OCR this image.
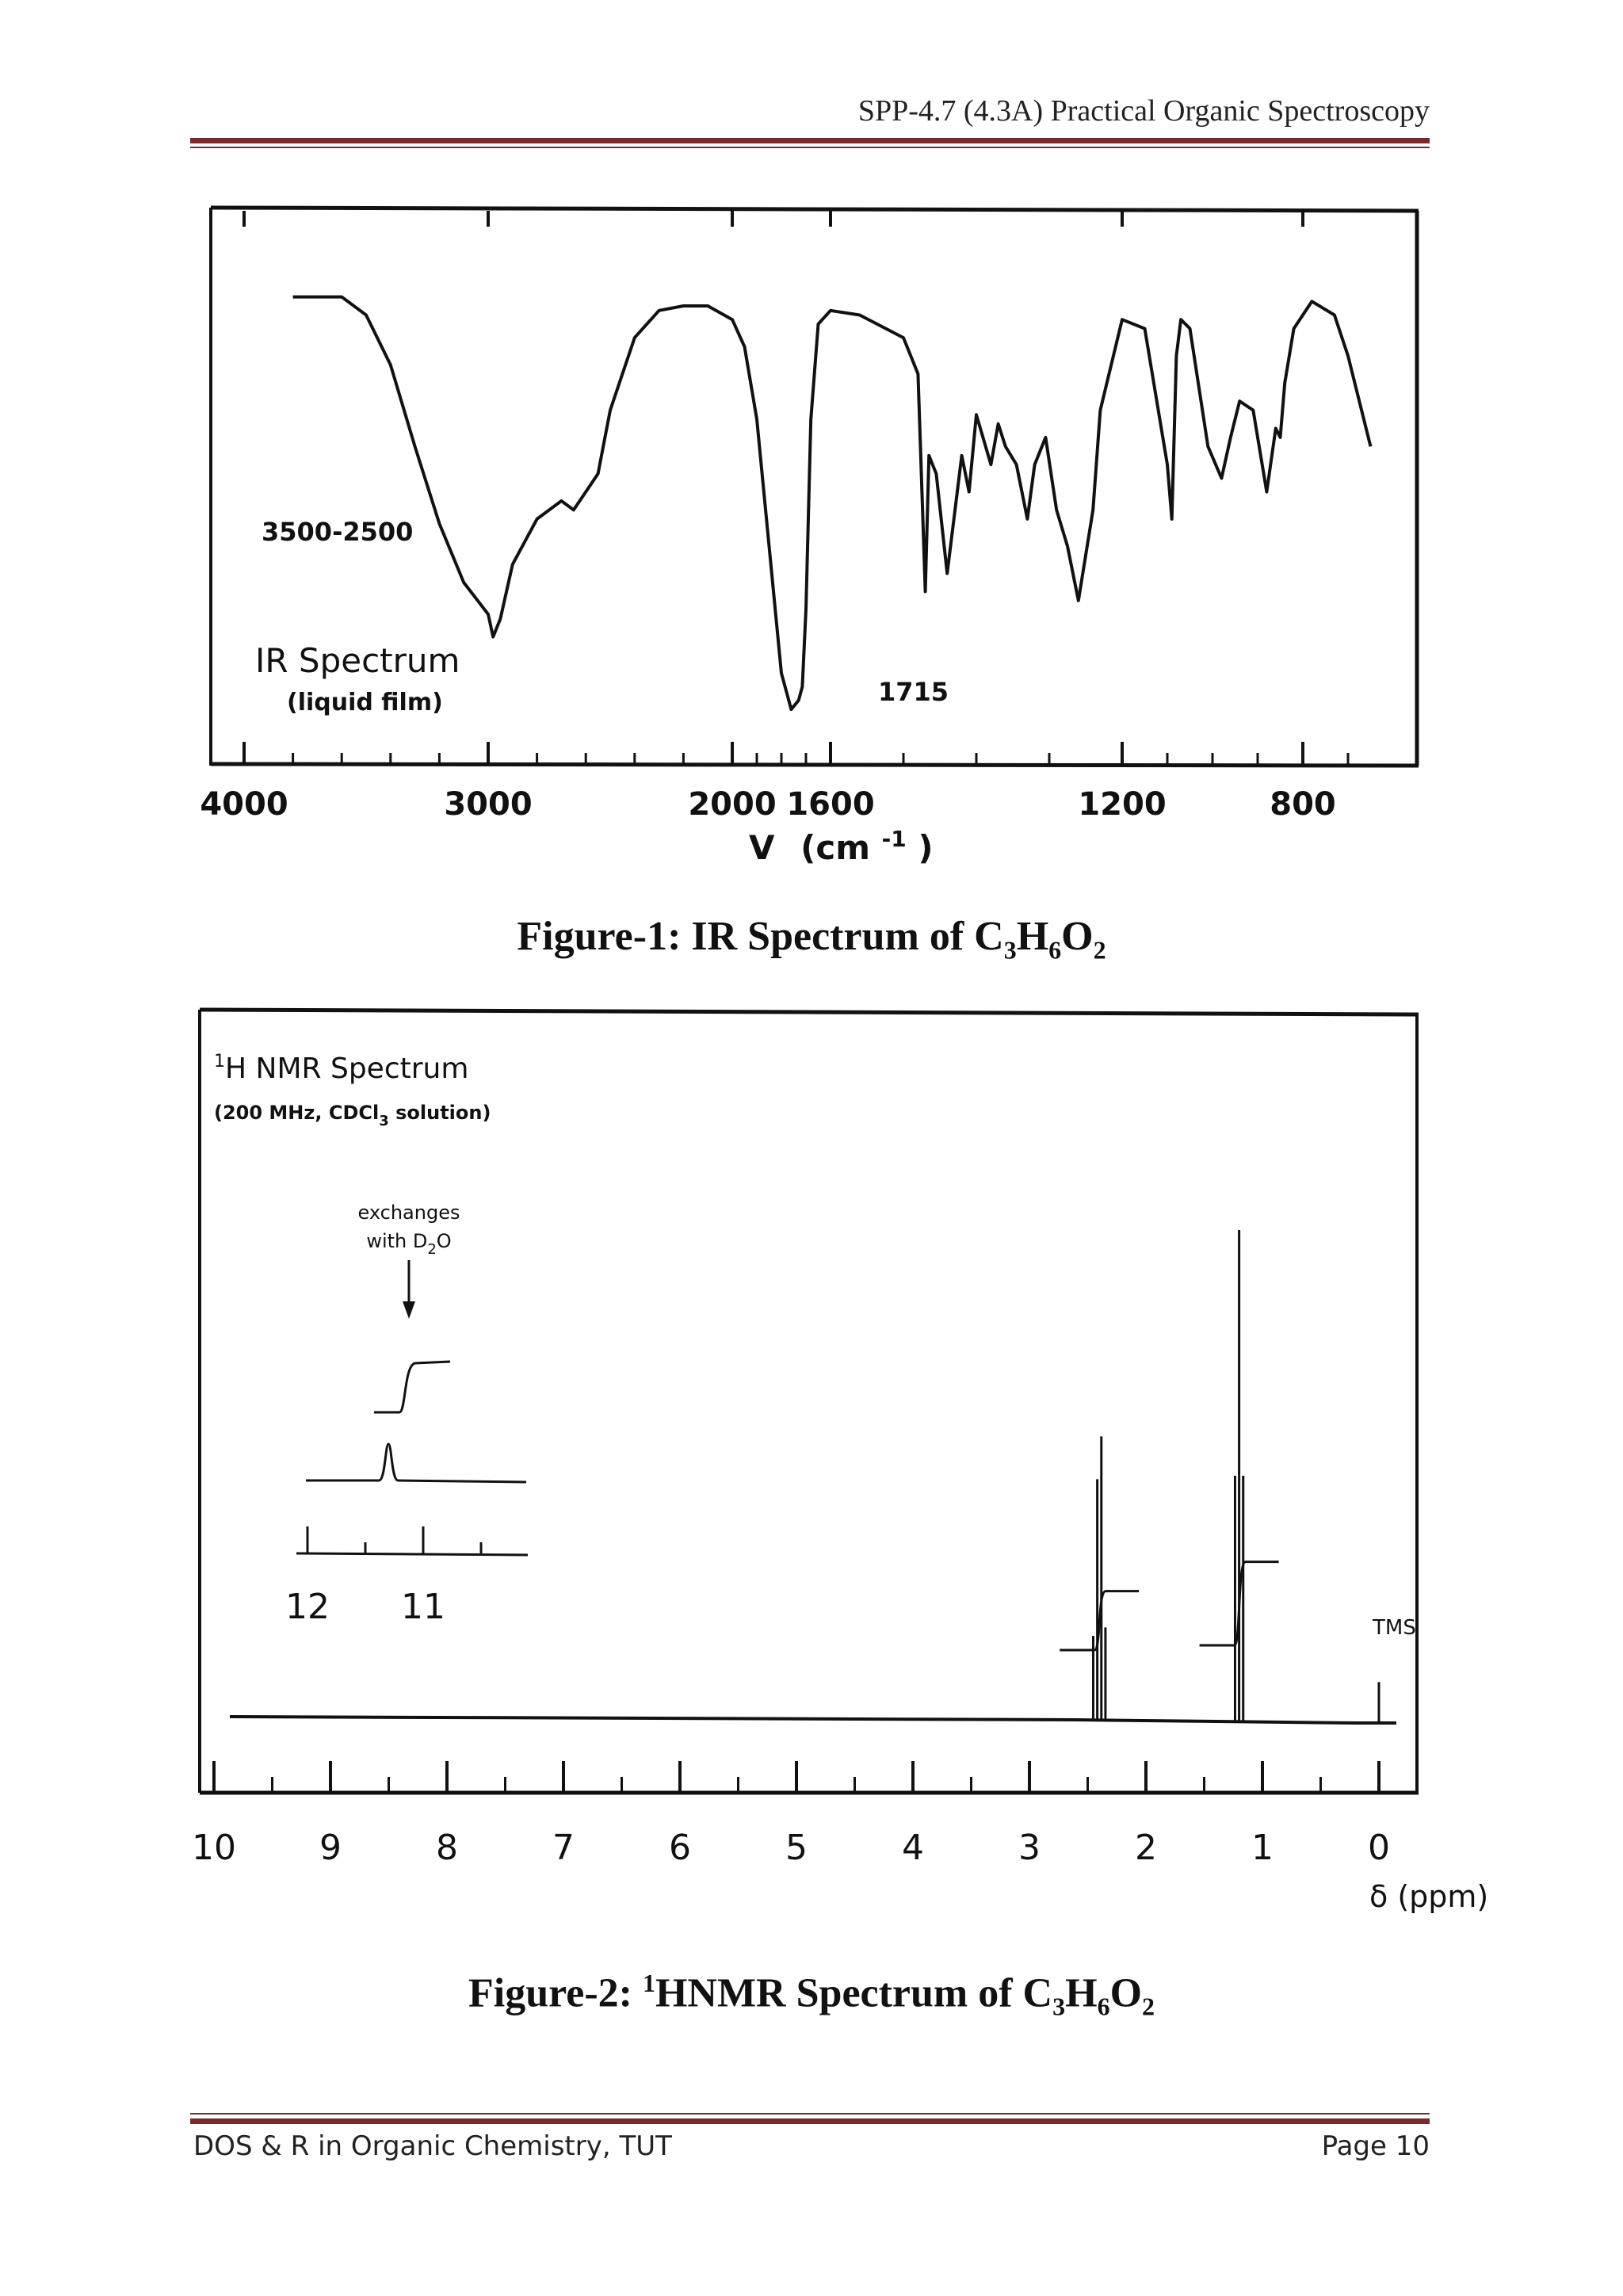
SPP-4.7 (4.3A) Practical Organic Spectroscopy
4000	3000	2000 1600	1200	800
3500-2500
IR Spectrum
(liquid film)	1715
V (cm $^{-1}$ )
Figure-1: IR Spectrum of $C_3H_6O_2$
10 9	8	7	6	5	4	3	2	1	0
12 11
$^1$H NMR Spectrum
(200 MHz, CDCl$_3$ solution)
exchanges
with $D_2O$
TMS
δ (ppm)
Figure-2: $^1$HNMR Spectrum of $C_3H_6O_2$
DOS & R in Organic Chemistry, TUT	Page 10
